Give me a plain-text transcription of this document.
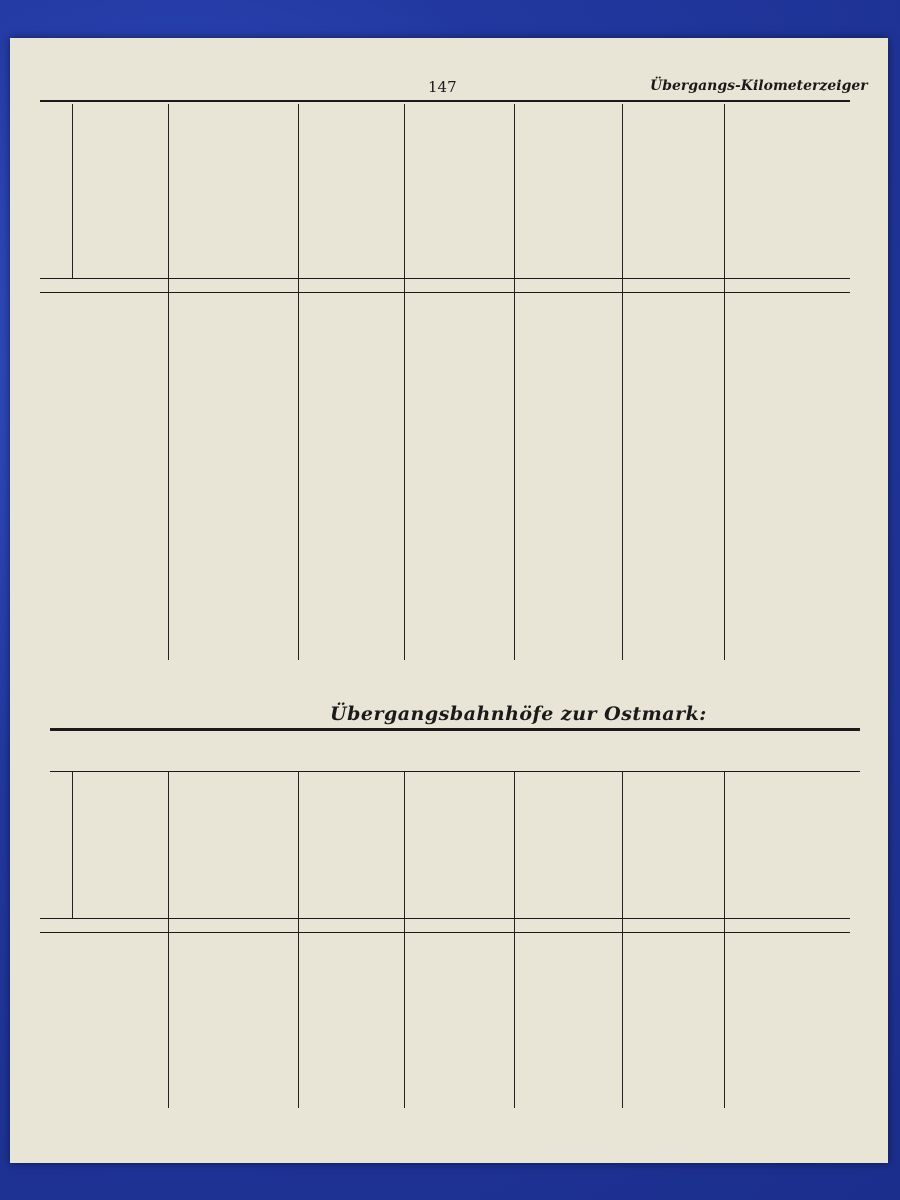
147	Übergangs-Kilometerzeiger
Übergangsbahnhöfe zur Ostmark:
